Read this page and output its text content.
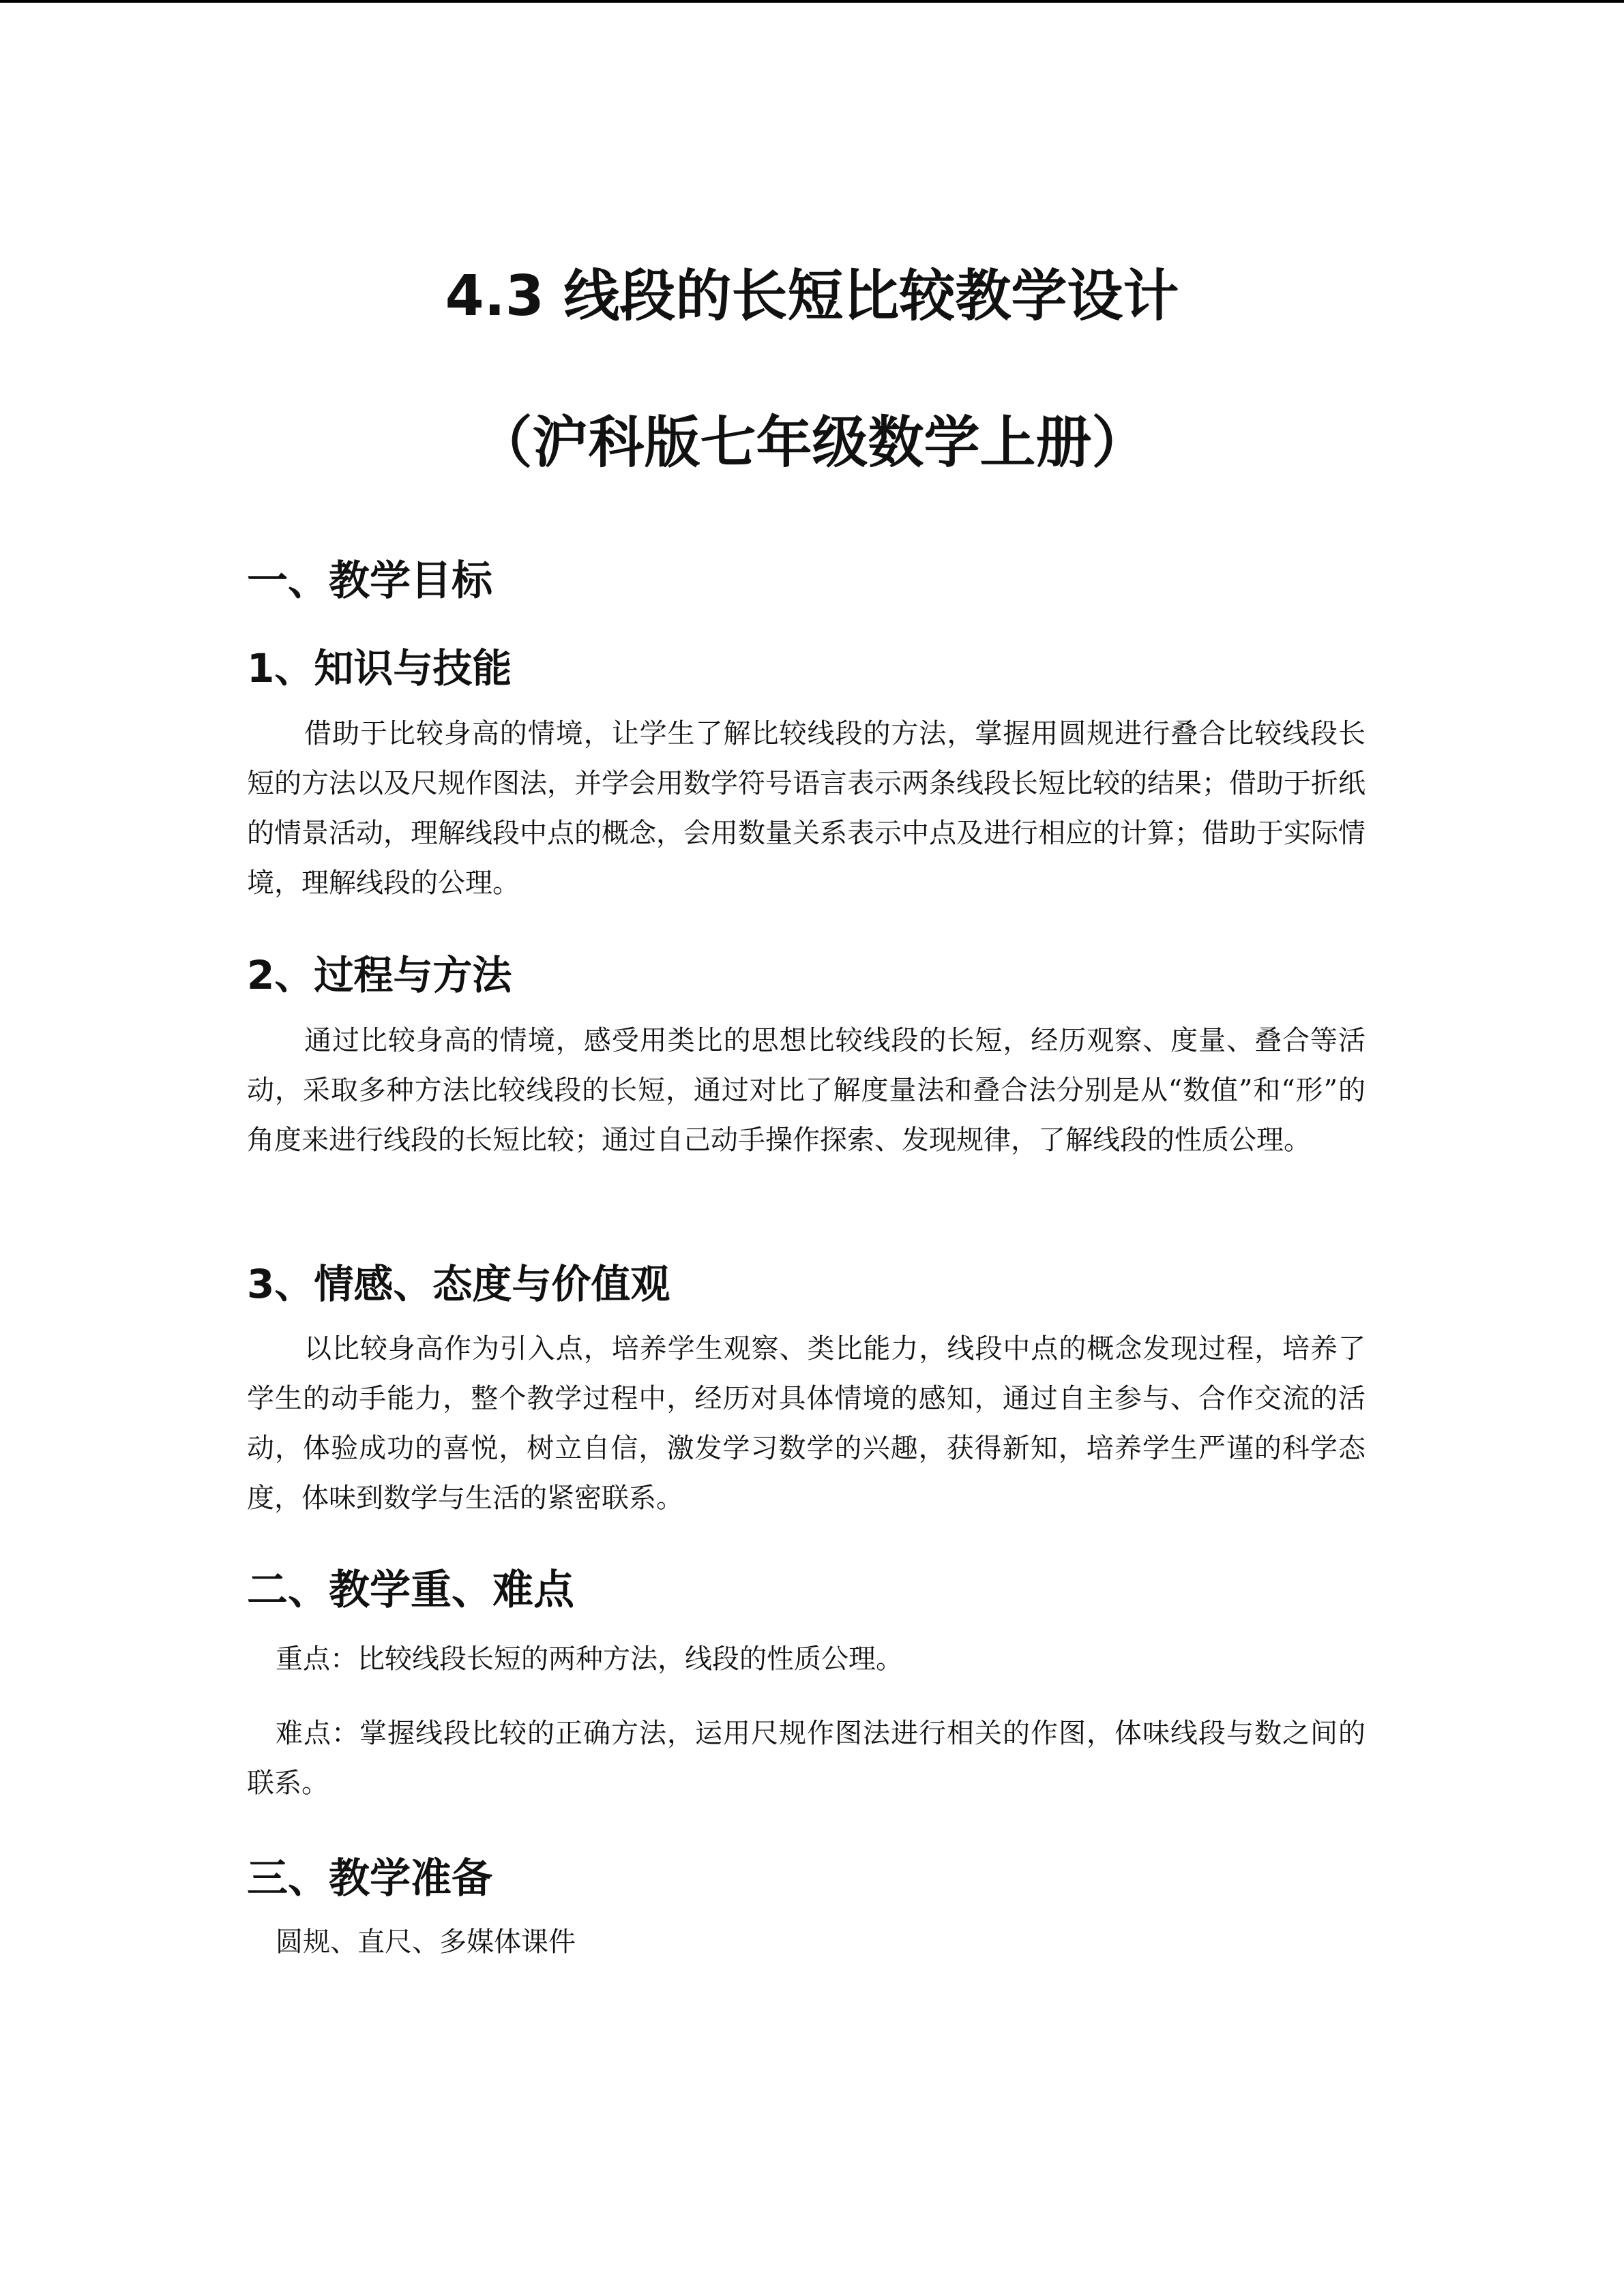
4.3 线段的长短比较教学设计
（沪科版七年级数学上册）
一、教学目标
1、知识与技能

借助于比较身高的情境，让学生了解比较线段的方法，掌握用圆规进行叠合比较线段长短的方法以及尺规作图法，并学会用数学符号语言表示两条线段长短比较的结果；借助于折纸的情景活动，理解线段中点的概念，会用数量关系表示中点及进行相应的计算；借助于实际情境，理解线段的公理。

2、过程与方法

通过比较身高的情境，感受用类比的思想比较线段的长短，经历观察、度量、叠合等活动，采取多种方法比较线段的长短，通过对比了解度量法和叠合法分别是从“数值”和“形”的角度来进行线段的长短比较；通过自己动手操作探索、发现规律，了解线段的性质公理。

3、情感、态度与价值观

以比较身高作为引入点，培养学生观察、类比能力，线段中点的概念发现过程，培养了学生的动手能力，整个教学过程中，经历对具体情境的感知，通过自主参与、合作交流的活动，体验成功的喜悦，树立自信，激发学习数学的兴趣，获得新知，培养学生严谨的科学态度，体味到数学与生活的紧密联系。

二、教学重、难点

重点：比较线段长短的两种方法，线段的性质公理。

难点：掌握线段比较的正确方法，运用尺规作图法进行相关的作图，体味线段与数之间的联系。

三、教学准备

圆规、直尺、多媒体课件
